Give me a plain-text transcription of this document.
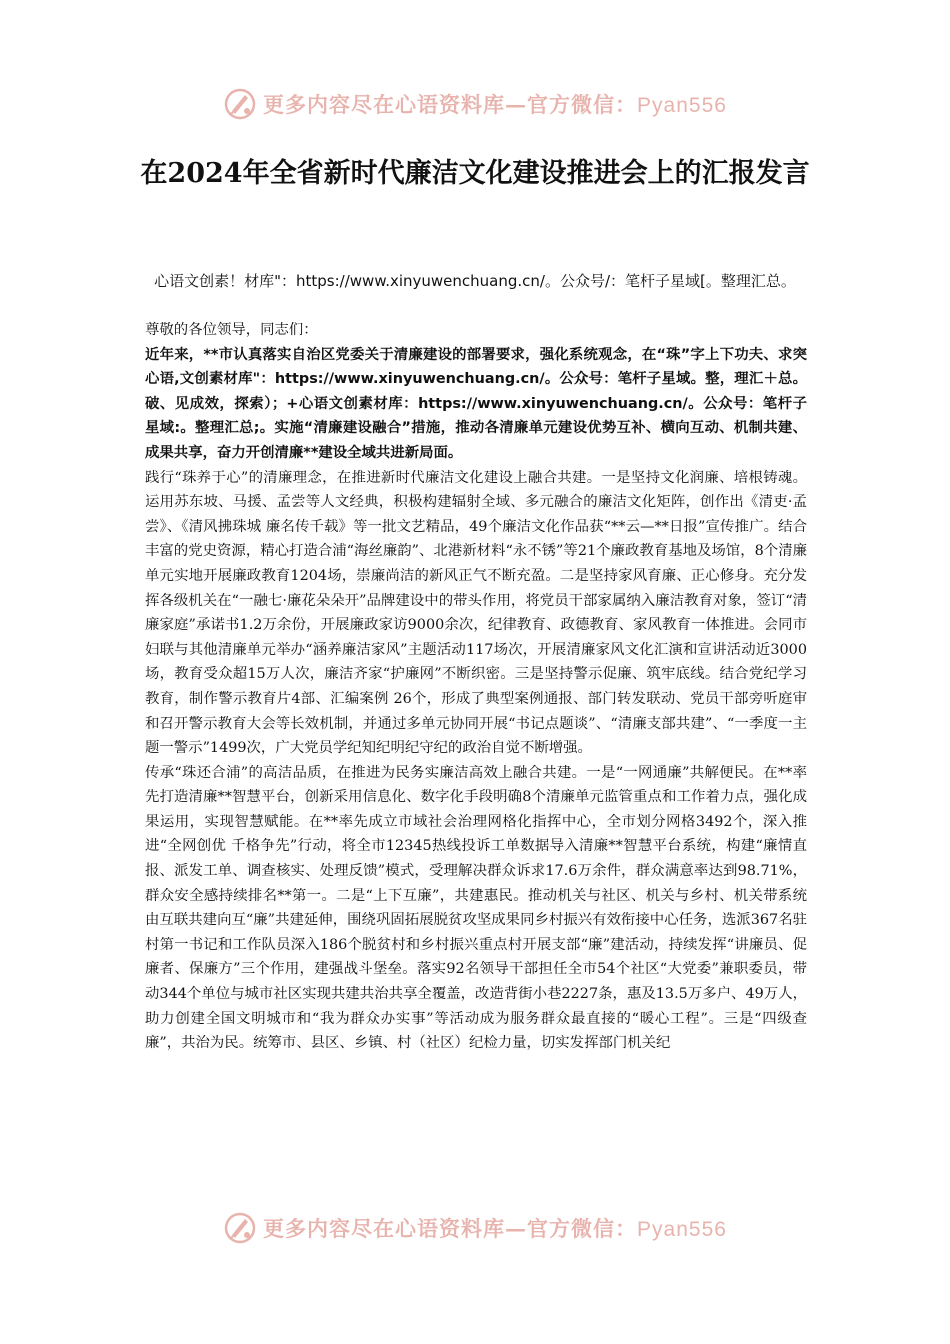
更多内容尽在心语资料库—官方微信：Pyan556
在2024年全省新时代廉洁文化建设推进会上的汇报发言
心语文创素！材库"：https://www.xinyuwenchuang.cn/。公众号/：笔杆子星域[。整理汇总。

尊敬的各位领导，同志们：

近年来，**市认真落实自治区党委关于清廉建设的部署要求，强化系统观念，在“珠”字上下功夫、求突心语,文创素材库"：https://www.xinyuwenchuang.cn/。公众号：笔杆子星域。整，理汇＋总。破、见成效，探索）；+心语文创素材库：https://www.xinyuwenchuang.cn/。公众号：笔杆子星域:。整理汇总;。实施“清廉建设融合”措施，推动各清廉单元建设优势互补、横向互动、机制共建、成果共享，奋力开创清廉**建设全域共进新局面。

践行“珠养于心”的清廉理念，在推进新时代廉洁文化建设上融合共建。一是坚持文化润廉、培根铸魂。运用苏东坡、马援、孟尝等人文经典，积极构建辐射全域、多元融合的廉洁文化矩阵，创作出《清吏·孟尝》、《清风拂珠城 廉名传千载》等一批文艺精品，49个廉洁文化作品获“**云—**日报”宣传推广。结合丰富的党史资源，精心打造合浦“海丝廉韵”、北港新材料“永不锈”等21个廉政教育基地及场馆，8个清廉单元实地开展廉政教育1204场，崇廉尚洁的新风正气不断充盈。二是坚持家风育廉、正心修身。充分发挥各级机关在“一融七·廉花朵朵开”品牌建设中的带头作用，将党员干部家属纳入廉洁教育对象，签订“清廉家庭”承诺书1.2万余份，开展廉政家访9000余次，纪律教育、政德教育、家风教育一体推进。会同市妇联与其他清廉单元举办“涵养廉洁家风”主题活动117场次，开展清廉家风文化汇演和宣讲活动近3000场，教育受众超15万人次，廉洁齐家“护廉网”不断织密。三是坚持警示促廉、筑牢底线。结合党纪学习教育，制作警示教育片4部、汇编案例 26个，形成了典型案例通报、部门转发联动、党员干部旁听庭审和召开警示教育大会等长效机制，并通过多单元协同开展“书记点题谈”、“清廉支部共建”、“一季度一主题一警示”1499次，广大党员学纪知纪明纪守纪的政治自觉不断增强。

传承“珠还合浦”的高洁品质，在推进为民务实廉洁高效上融合共建。一是“一网通廉”共解便民。在**率先打造清廉**智慧平台，创新采用信息化、数字化手段明确8个清廉单元监管重点和工作着力点，强化成果运用，实现智慧赋能。在**率先成立市域社会治理网格化指挥中心，全市划分网格3492个，深入推进“全网创优 千格争先”行动，将全市12345热线投诉工单数据导入清廉**智慧平台系统，构建“廉情直报、派发工单、调查核实、处理反馈”模式，受理解决群众诉求17.6万余件，群众满意率达到98.71%，群众安全感持续排名**第一。二是“上下互廉”，共建惠民。推动机关与社区、机关与乡村、机关带系统由互联共建向互“廉”共建延伸，围绕巩固拓展脱贫攻坚成果同乡村振兴有效衔接中心任务，选派367名驻村第一书记和工作队员深入186个脱贫村和乡村振兴重点村开展支部“廉”建活动，持续发挥“讲廉员、促廉者、保廉方”三个作用，建强战斗堡垒。落实92名领导干部担任全市54个社区“大党委”兼职委员，带动344个单位与城市社区实现共建共治共享全覆盖，改造背街小巷2227条，惠及13.5万多户、49万人，助力创建全国文明城市和“我为群众办实事”等活动成为服务群众最直接的“暖心工程”。三是“四级查廉”，共治为民。统筹市、县区、乡镇、村（社区）纪检力量，切实发挥部门机关纪

更多内容尽在心语资料库—官方微信：Pyan556
